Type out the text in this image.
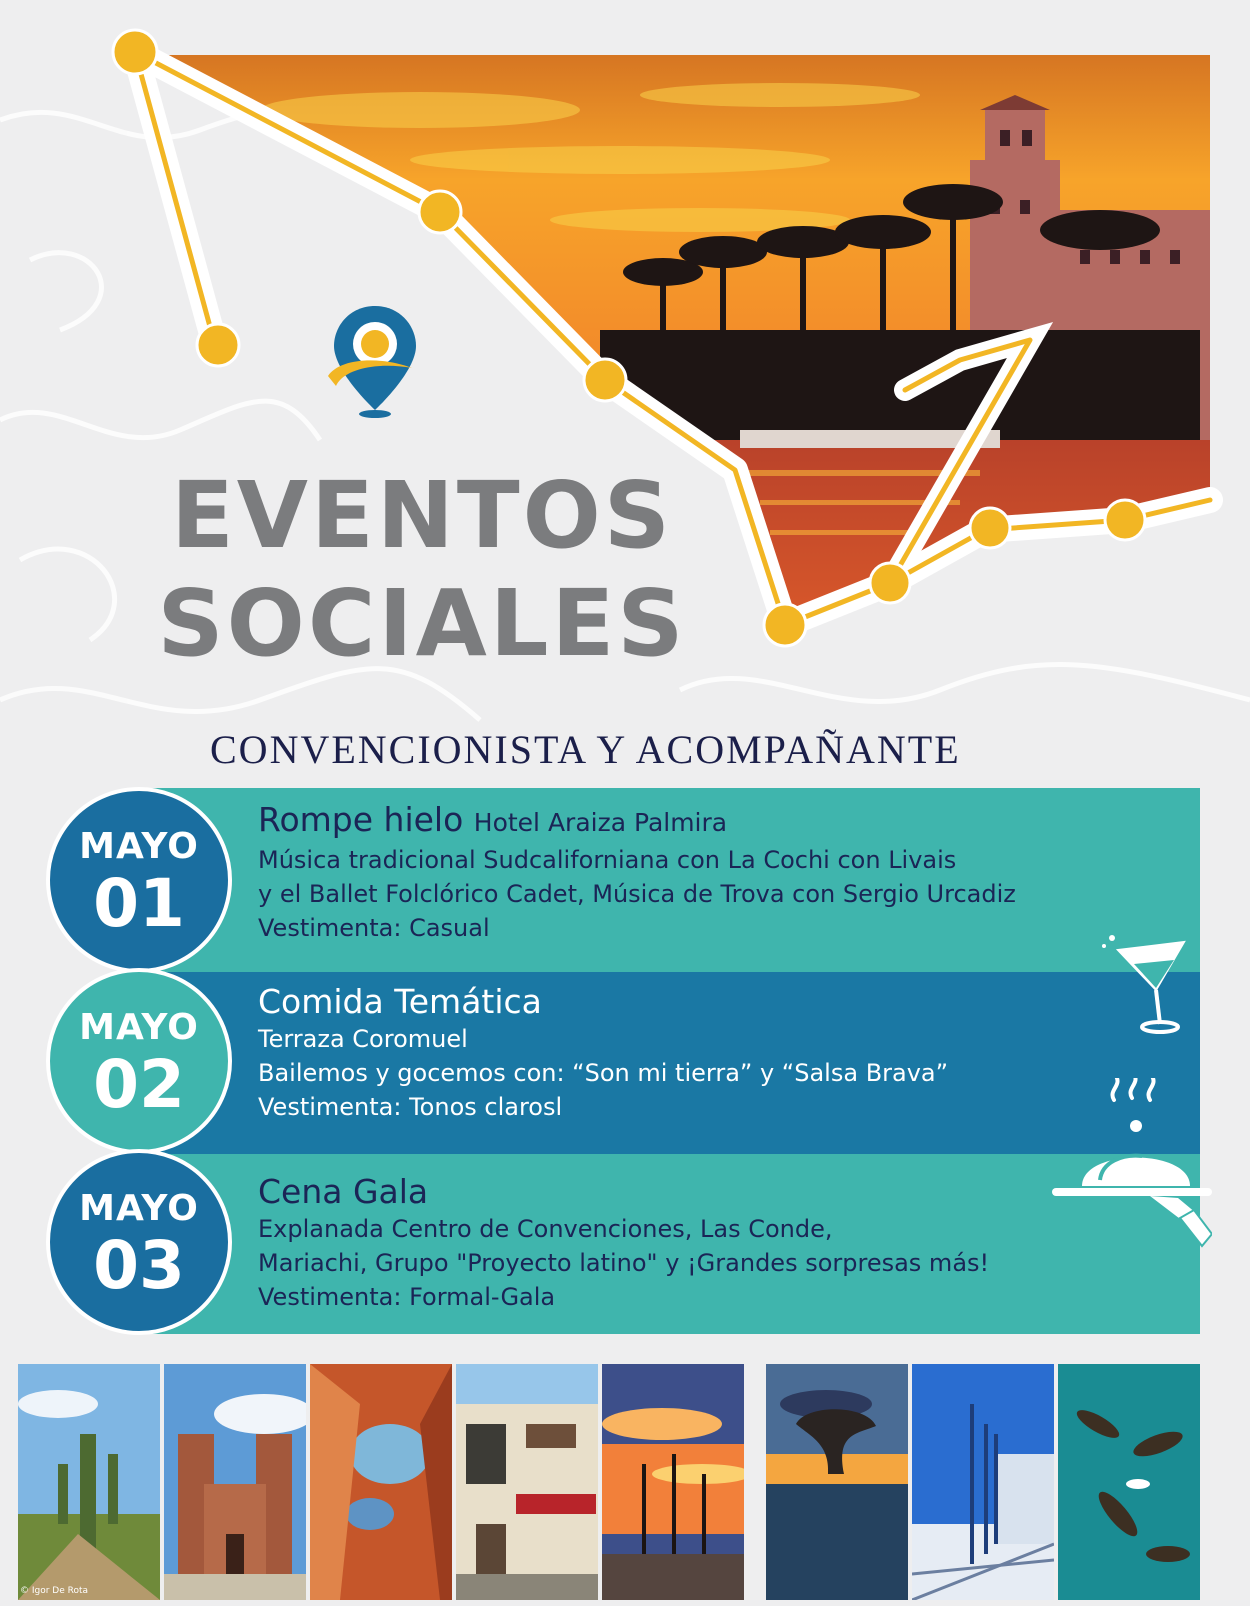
EVENTOS
SOCIALES

CONVENCIONISTA Y ACOMPAÑANTE

MAYO
01
MAYO
02
MAYO
03

Rompe hielo Hotel Araiza Palmira

Música tradicional Sudcaliforniana con La Cochi con Livais

y el Ballet Folclórico Cadet, Música de Trova con Sergio Urcadiz

Vestimenta: Casual

Comida Temática

Terraza Coromuel

Bailemos y gocemos con: “Son mi tierra” y “Salsa Brava”

Vestimenta: Tonos clarosl

Cena Gala

Explanada Centro de Convenciones, Las Conde,

Mariachi, Grupo "Proyecto latino" y ¡Grandes sorpresas más!

Vestimenta: Formal-Gala

© Igor De Rota
